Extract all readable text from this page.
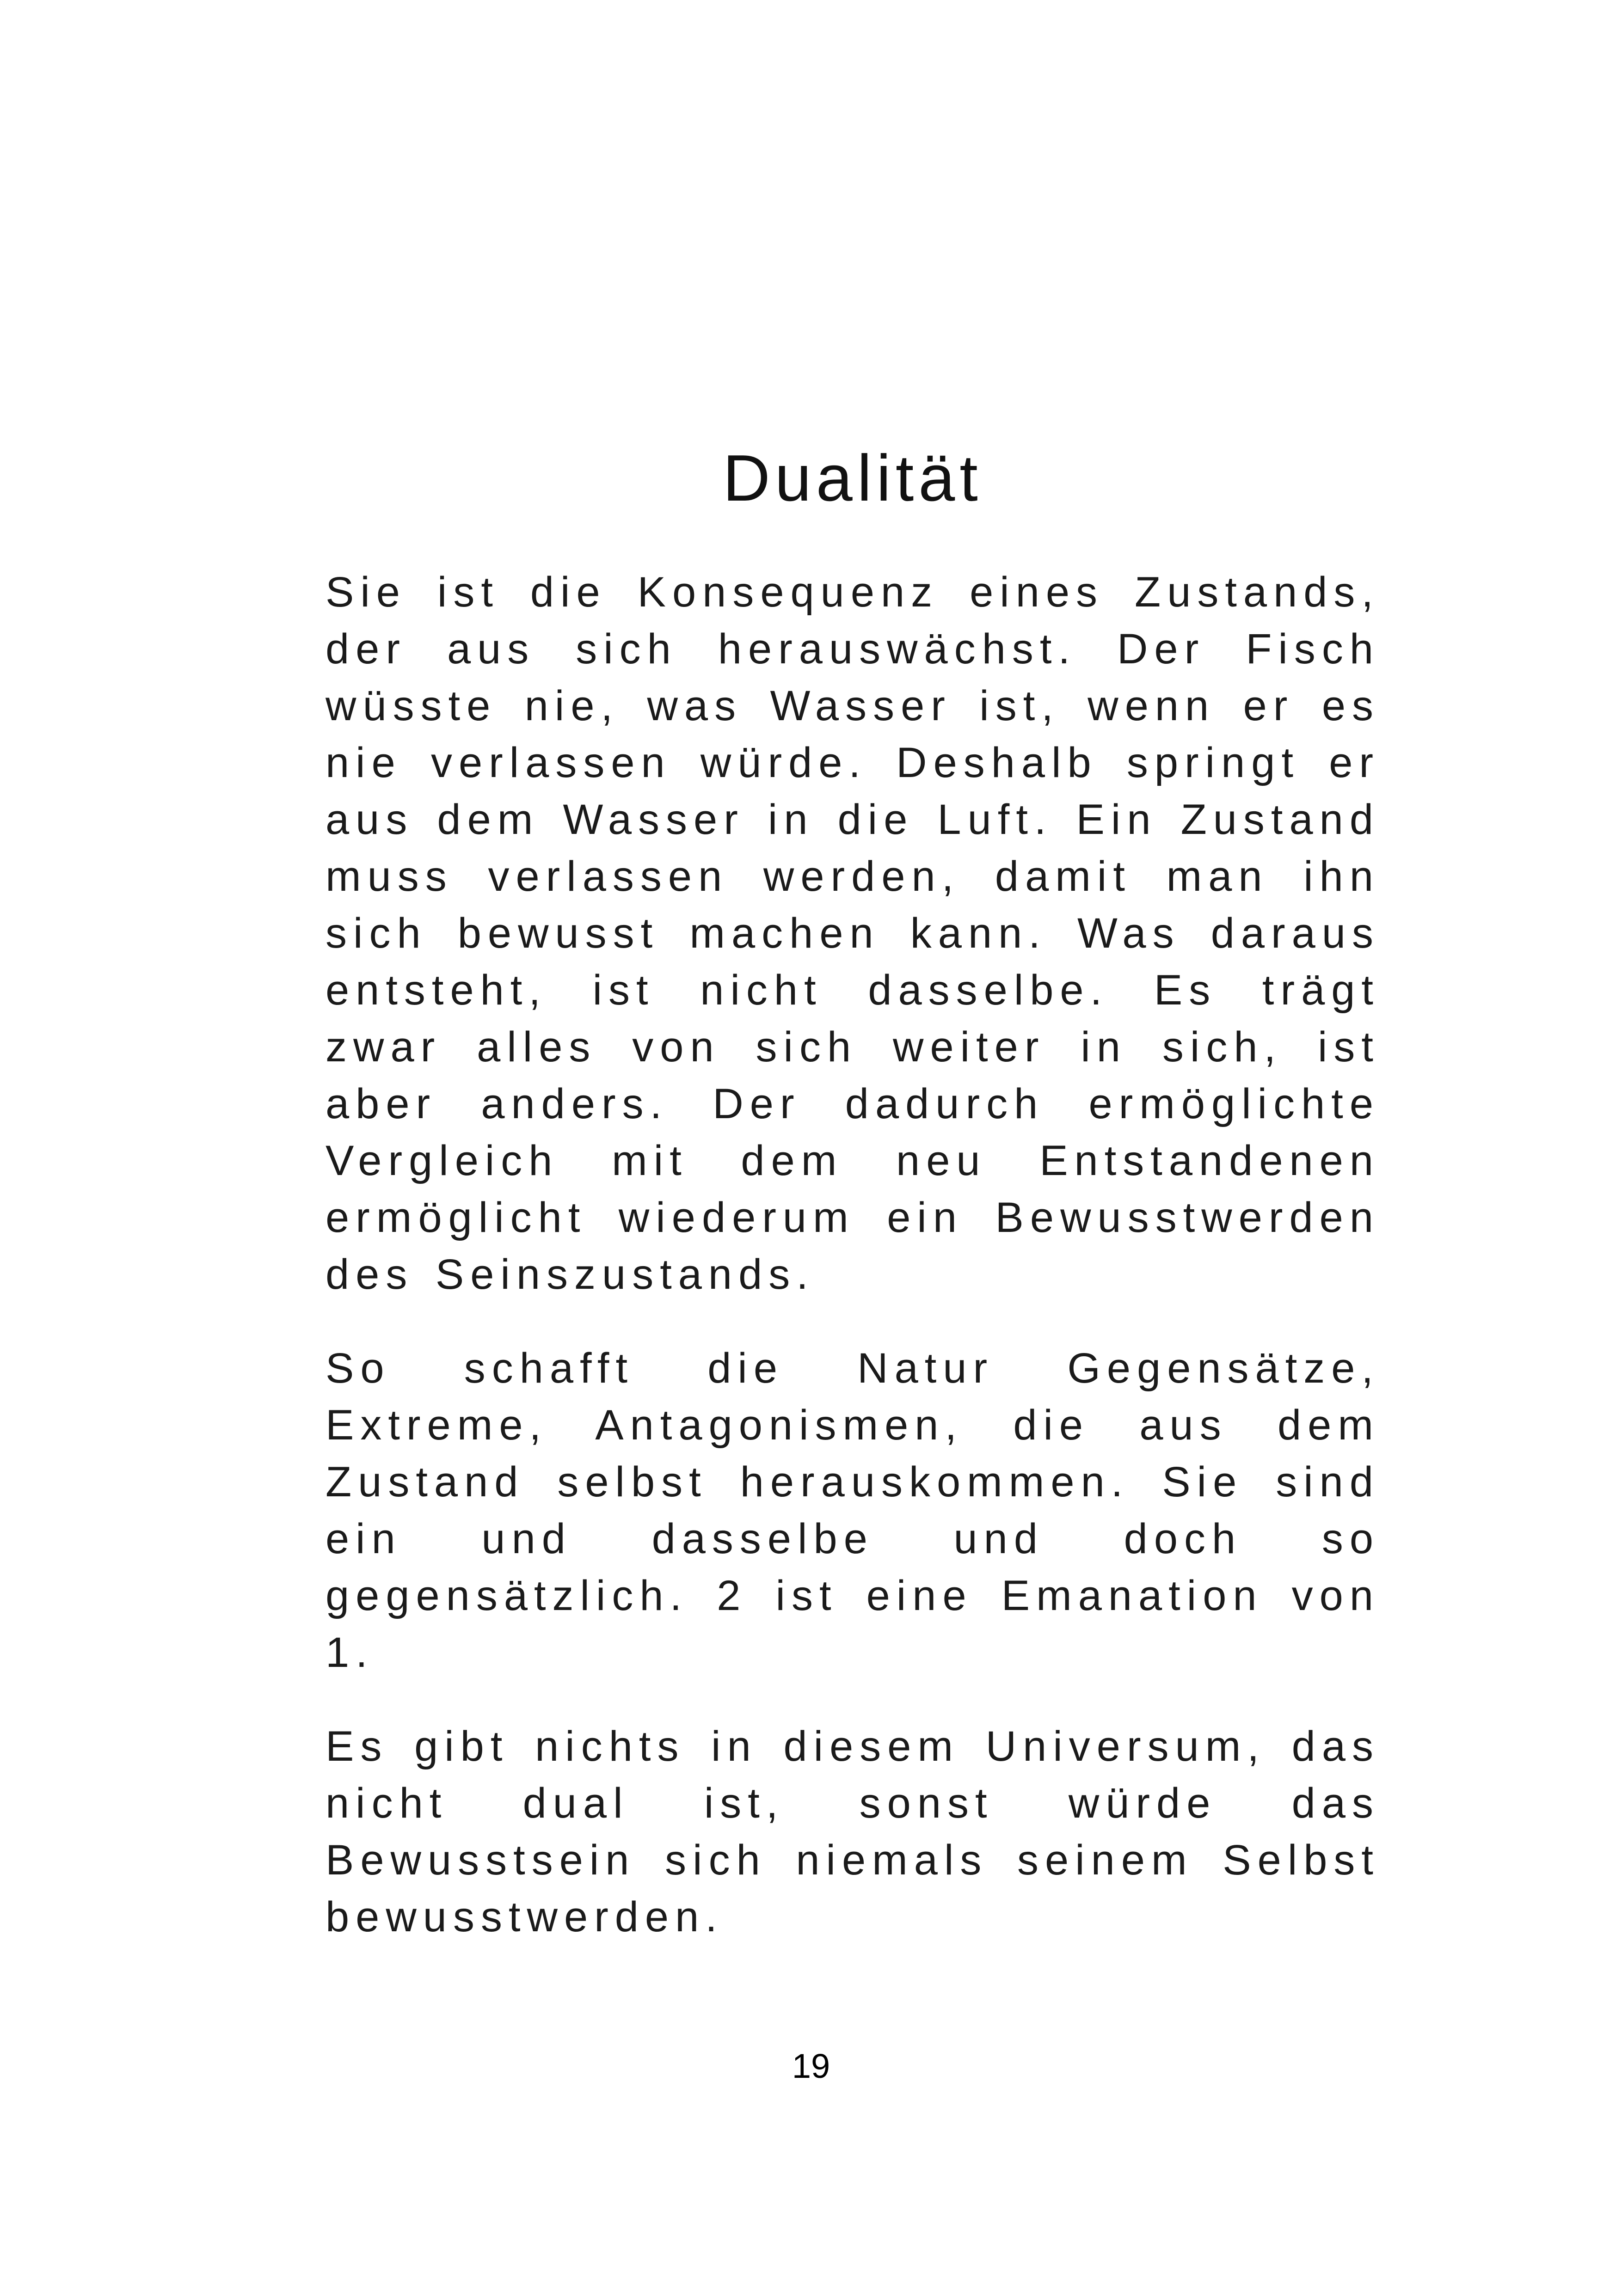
Dualität

Sie ist die Konsequenz eines Zustands, der aus sich herauswächst. Der Fisch wüsste nie, was Wasser ist, wenn er es nie verlassen würde. Deshalb springt er aus dem Wasser in die Luft. Ein Zustand muss verlassen werden, damit man ihn sich bewusst machen kann. Was daraus entsteht, ist nicht dasselbe. Es trägt zwar alles von sich weiter in sich, ist aber anders. Der dadurch ermöglichte Vergleich mit dem neu Entstandenen ermöglicht wiederum ein Bewusstwerden des Seinszustands.

So schafft die Natur Gegensätze, Extreme, Antagonismen, die aus dem Zustand selbst herauskommen. Sie sind ein und dasselbe und doch so gegensätzlich. 2 ist eine Emanation von 1.

Es gibt nichts in diesem Universum, das nicht dual ist, sonst würde das Bewusstsein sich niemals seinem Selbst bewusstwerden.

19
